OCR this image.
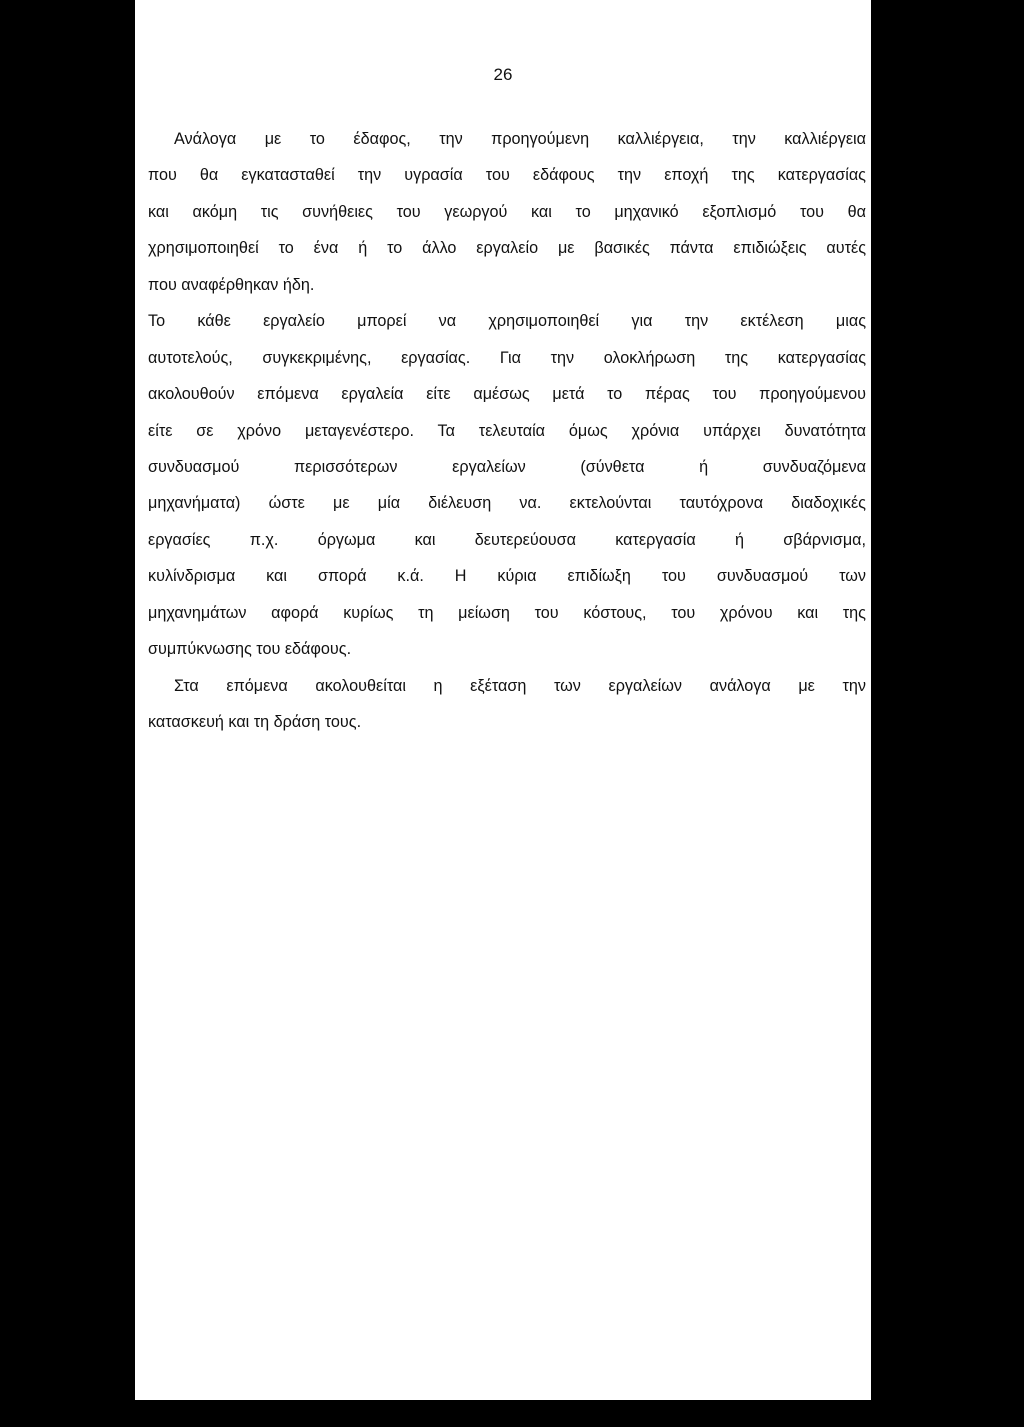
26
Ανάλογα με το έδαφος, την προηγούμενη καλλιέργεια, την καλλιέργεια
που θα εγκατασταθεί την υγρασία του εδάφους την εποχή της κατεργασίας
και ακόμη τις συνήθειες του γεωργού και το μηχανικό εξοπλισμό του θα
χρησιμοποιηθεί το ένα ή το άλλο εργαλείο με βασικές πάντα επιδιώξεις αυτές
που αναφέρθηκαν ήδη.
Το κάθε εργαλείο μπορεί να χρησιμοποιηθεί για την εκτέλεση μιας
αυτοτελούς, συγκεκριμένης, εργασίας. Για την ολοκλήρωση της κατεργασίας
ακολουθούν επόμενα εργαλεία είτε αμέσως μετά το πέρας του προηγούμενου
είτε σε χρόνο μεταγενέστερο. Τα τελευταία όμως χρόνια υπάρχει δυνατότητα
συνδυασμού περισσότερων εργαλείων (σύνθετα ή συνδυαζόμενα
μηχανήματα) ώστε με μία διέλευση να. εκτελούνται ταυτόχρονα διαδοχικές
εργασίες π.χ. όργωμα και δευτερεύουσα κατεργασία ή σβάρνισμα,
κυλίνδρισμα και σπορά κ.ά. Η κύρια επιδίωξη του συνδυασμού των
μηχανημάτων αφορά κυρίως τη μείωση του κόστους, του χρόνου και της
συμπύκνωσης του εδάφους.
Στα επόμενα ακολουθείται η εξέταση των εργαλείων ανάλογα με την
κατασκευή και τη δράση τους.
